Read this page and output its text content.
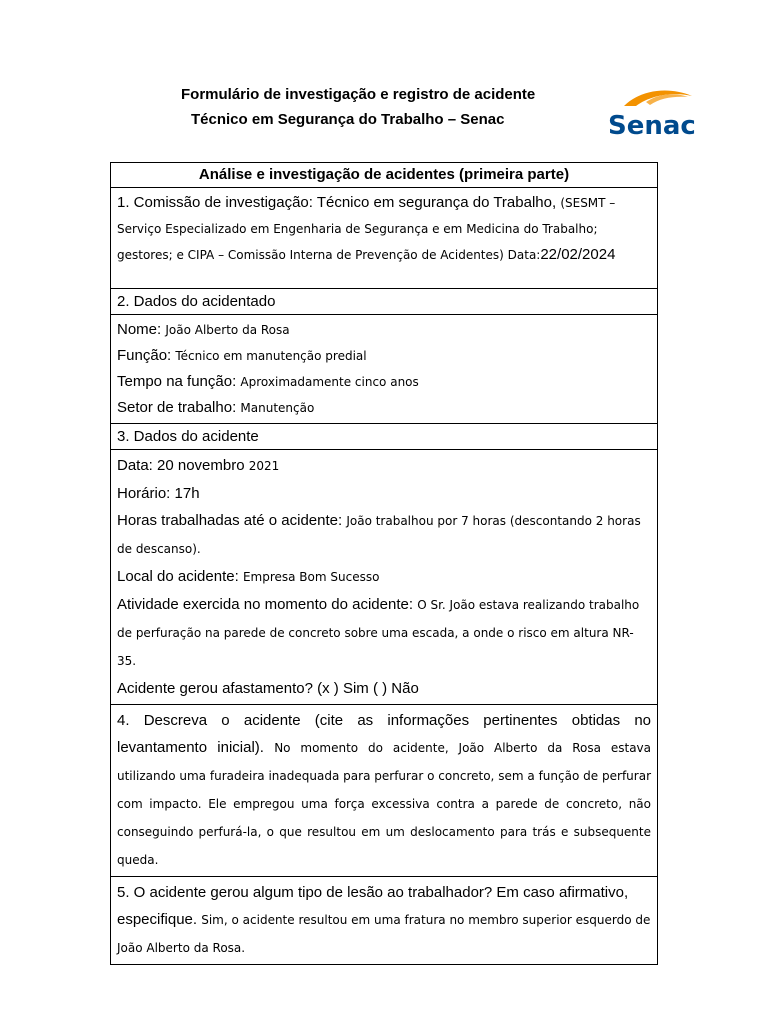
Formulário de investigação e registro de acidente
Técnico em Segurança do Trabalho – Senac	Senac
Análise e investigação de acidentes (primeira parte)

1. Comissão de investigação: Técnico em segurança do Trabalho, (SESMT – Serviço Especializado em Engenharia de Segurança e em Medicina do Trabalho; gestores; e CIPA – Comissão Interna de Prevenção de Acidentes) Data:22/02/2024

2. Dados do acidentado

Nome: João Alberto da Rosa
Função: Técnico em manutenção predial
Tempo na função: Aproximadamente cinco anos
Setor de trabalho: Manutenção

3. Dados do acidente

Data: 20 novembro 2021
Horário: 17h
Horas trabalhadas até o acidente: João trabalhou por 7 horas (descontando 2 horas de descanso).
Local do acidente: Empresa Bom Sucesso
Atividade exercida no momento do acidente: O Sr. João estava realizando trabalho de perfuração na parede de concreto sobre uma escada, a onde o risco em altura NR-35.
Acidente gerou afastamento? (x ) Sim ( ) Não

4. Descreva o acidente (cite as informações pertinentes obtidas no levantamento inicial). No momento do acidente, João Alberto da Rosa estava utilizando uma furadeira inadequada para perfurar o concreto, sem a função de perfurar com impacto. Ele empregou uma força excessiva contra a parede de concreto, não conseguindo perfurá-la, o que resultou em um deslocamento para trás e subsequente queda.
5. O acidente gerou algum tipo de lesão ao trabalhador? Em caso afirmativo, especifique. Sim, o acidente resultou em uma fratura no membro superior esquerdo de João Alberto da Rosa.
